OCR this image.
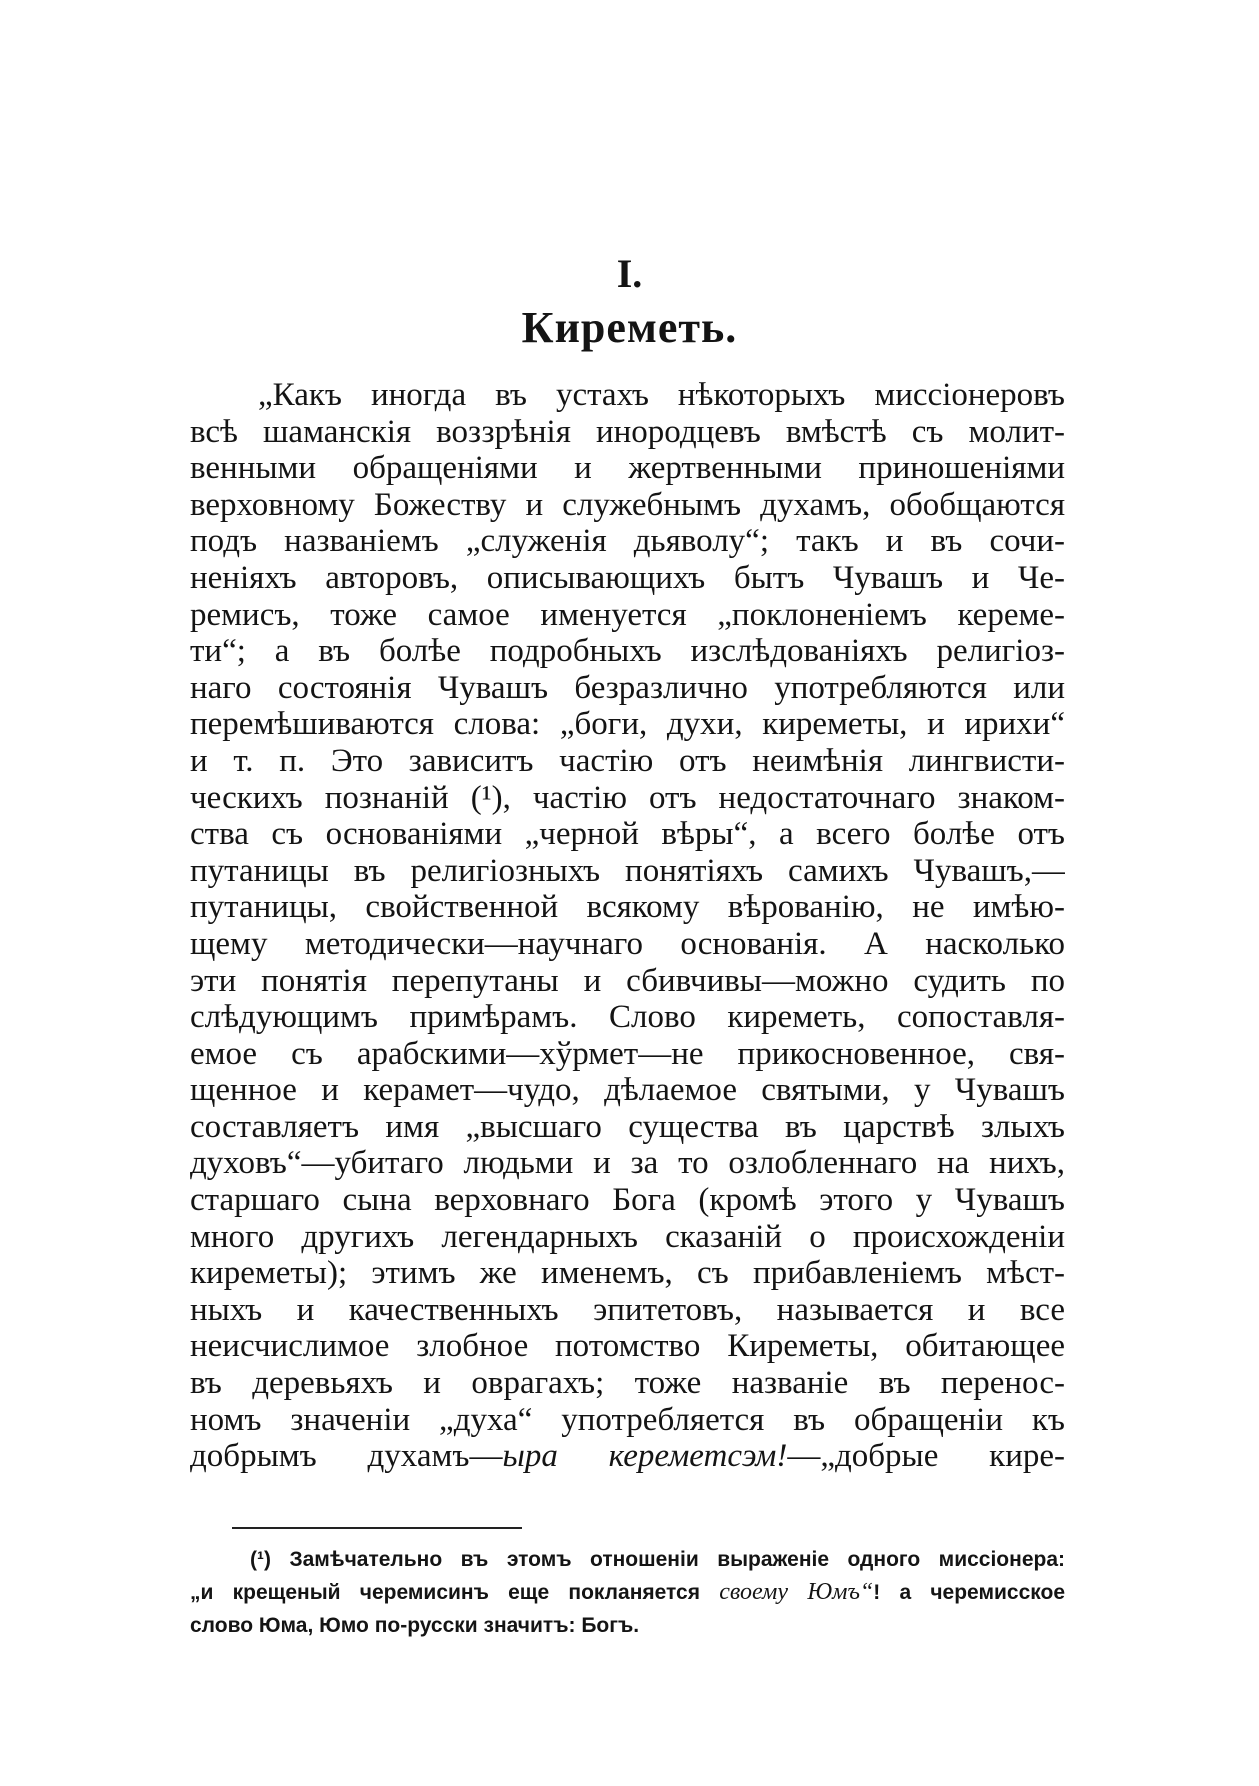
I.
Киреметь.
„Какъ иногда въ устахъ нѣкоторыхъ миссіонеровъ
всѣ шаманскія воззрѣнія инородцевъ вмѣстѣ съ молит-
венными обращеніями и жертвенными приношеніями
верховному Божеству и служебнымъ духамъ, обобщаются
подъ названіемъ „служенія дьяволу“; такъ и въ сочи-
неніяхъ авторовъ, описывающихъ бытъ Чувашъ и Че-
ремисъ, тоже самое именуется „поклоненіемъ кереме-
ти“; а въ болѣе подробныхъ изслѣдованіяхъ религіоз-
наго состоянія Чувашъ безразлично употребляются или
перемѣшиваются слова: „боги, духи, киреметы, и ирихи“
и т. п. Это зависитъ частію отъ неимѣнія лингвисти-
ческихъ познаній (¹), частію отъ недостаточнаго знаком-
ства съ основаніями „черной вѣры“, а всего болѣе отъ
путаницы въ религіозныхъ понятіяхъ самихъ Чувашъ,—
путаницы, свойственной всякому вѣрованію, не имѣю-
щему методически—научнаго основанія. А насколько
эти понятія перепутаны и сбивчивы—можно судить по
слѣдующимъ примѣрамъ. Слово киреметь, сопоставля-
емое съ арабскими—хўрмет—не прикосновенное, свя-
щенное и керамет—чудо, дѣлаемое святыми, у Чувашъ
составляетъ имя „высшаго существа въ царствѣ злыхъ
духовъ“—убитаго людьми и за то озлобленнаго на нихъ,
старшаго сына верховнаго Бога (кромѣ этого у Чувашъ
много другихъ легендарныхъ сказаній о происхожденіи
киреметы); этимъ же именемъ, съ прибавленіемъ мѣст-
ныхъ и качественныхъ эпитетовъ, называется и все
неисчислимое злобное потомство Киреметы, обитающее
въ деревьяхъ и оврагахъ; тоже названіе въ перенос-
номъ значеніи „духа“ употребляется въ обращеніи къ
добрымъ духамъ—ыра кереметсэм!—„добрые кире-
(¹) Замѣчательно въ этомъ отношеніи выраженіе одного миссіонера:
„и крещеный черемисинъ еще покланяется своему Юмъ“! а черемисское
слово Юма, Юмо по-русски значитъ: Богъ.
